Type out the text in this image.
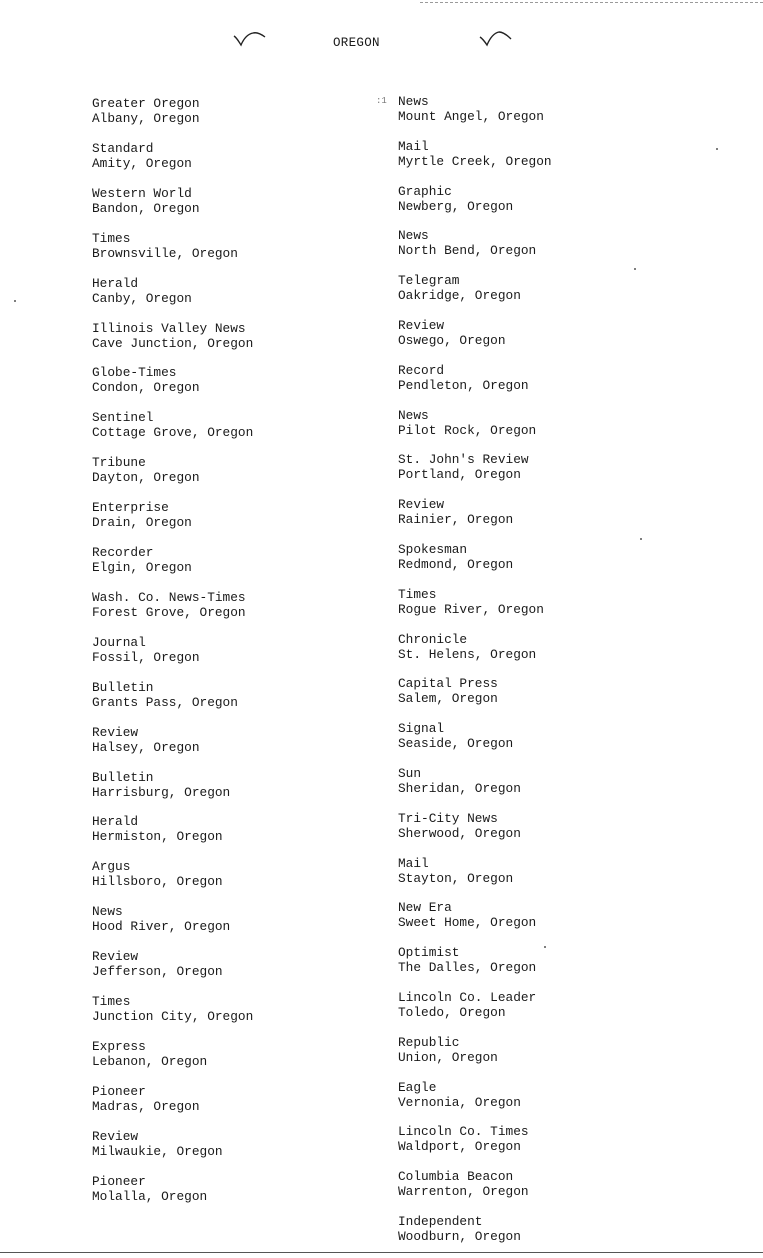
OREGON
:1
Greater Oregon
Albany, Oregon
Standard
Amity, Oregon
Western World
Bandon, Oregon
Times
Brownsville, Oregon
Herald
Canby, Oregon
Illinois Valley News
Cave Junction, Oregon
Globe-Times
Condon, Oregon
Sentinel
Cottage Grove, Oregon
Tribune
Dayton, Oregon
Enterprise
Drain, Oregon
Recorder
Elgin, Oregon
Wash. Co. News-Times
Forest Grove, Oregon
Journal
Fossil, Oregon
Bulletin
Grants Pass, Oregon
Review
Halsey, Oregon
Bulletin
Harrisburg, Oregon
Herald
Hermiston, Oregon
Argus
Hillsboro, Oregon
News
Hood River, Oregon
Review
Jefferson, Oregon
Times
Junction City, Oregon
Express
Lebanon, Oregon
Pioneer
Madras, Oregon
Review
Milwaukie, Oregon
Pioneer
Molalla, Oregon
News
Mount Angel, Oregon
Mail
Myrtle Creek, Oregon
Graphic
Newberg, Oregon
News
North Bend, Oregon
Telegram
Oakridge, Oregon
Review
Oswego, Oregon
Record
Pendleton, Oregon
News
Pilot Rock, Oregon
St. John's Review
Portland, Oregon
Review
Rainier, Oregon
Spokesman
Redmond, Oregon
Times
Rogue River, Oregon
Chronicle
St. Helens, Oregon
Capital Press
Salem, Oregon
Signal
Seaside, Oregon
Sun
Sheridan, Oregon
Tri-City News
Sherwood, Oregon
Mail
Stayton, Oregon
New Era
Sweet Home, Oregon
Optimist
The Dalles, Oregon
Lincoln Co. Leader
Toledo, Oregon
Republic
Union, Oregon
Eagle
Vernonia, Oregon
Lincoln Co. Times
Waldport, Oregon
Columbia Beacon
Warrenton, Oregon
Independent
Woodburn, Oregon
